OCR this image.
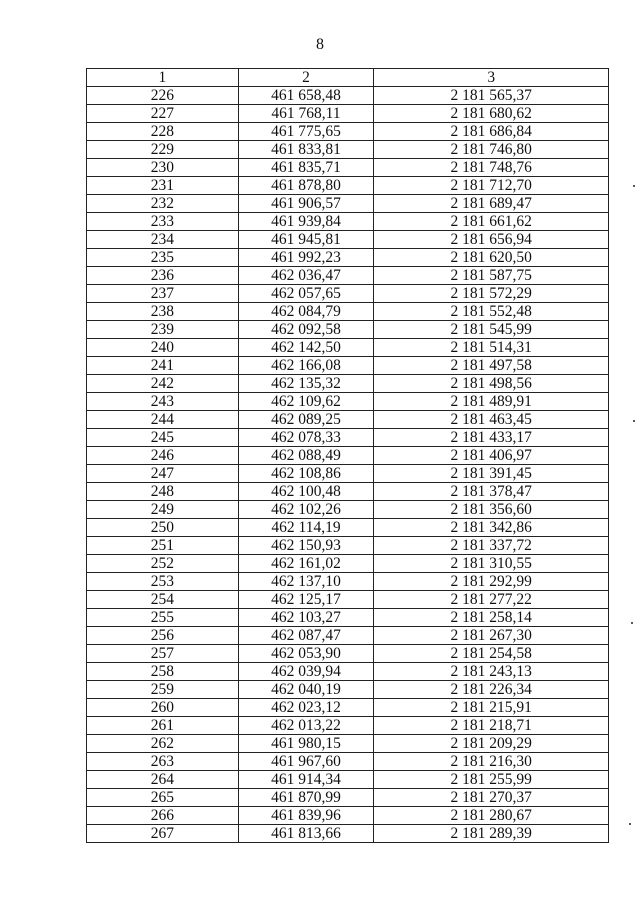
8
1	2	3
226	461 658,48	2 181 565,37
227	461 768,11	2 181 680,62
228	461 775,65	2 181 686,84
229	461 833,81	2 181 746,80
230	461 835,71	2 181 748,76
231	461 878,80	2 181 712,70
232	461 906,57	2 181 689,47
233	461 939,84	2 181 661,62
234	461 945,81	2 181 656,94
235	461 992,23	2 181 620,50
236	462 036,47	2 181 587,75
237	462 057,65	2 181 572,29
238	462 084,79	2 181 552,48
239	462 092,58	2 181 545,99
240	462 142,50	2 181 514,31
241	462 166,08	2 181 497,58
242	462 135,32	2 181 498,56
243	462 109,62	2 181 489,91
244	462 089,25	2 181 463,45
245	462 078,33	2 181 433,17
246	462 088,49	2 181 406,97
247	462 108,86	2 181 391,45
248	462 100,48	2 181 378,47
249	462 102,26	2 181 356,60
250	462 114,19	2 181 342,86
251	462 150,93	2 181 337,72
252	462 161,02	2 181 310,55
253	462 137,10	2 181 292,99
254	462 125,17	2 181 277,22
255	462 103,27	2 181 258,14
256	462 087,47	2 181 267,30
257	462 053,90	2 181 254,58
258	462 039,94	2 181 243,13
259	462 040,19	2 181 226,34
260	462 023,12	2 181 215,91
261	462 013,22	2 181 218,71
262	461 980,15	2 181 209,29
263	461 967,60	2 181 216,30
264	461 914,34	2 181 255,99
265	461 870,99	2 181 270,37
266	461 839,96	2 181 280,67
267	461 813,66	2 181 289,39
